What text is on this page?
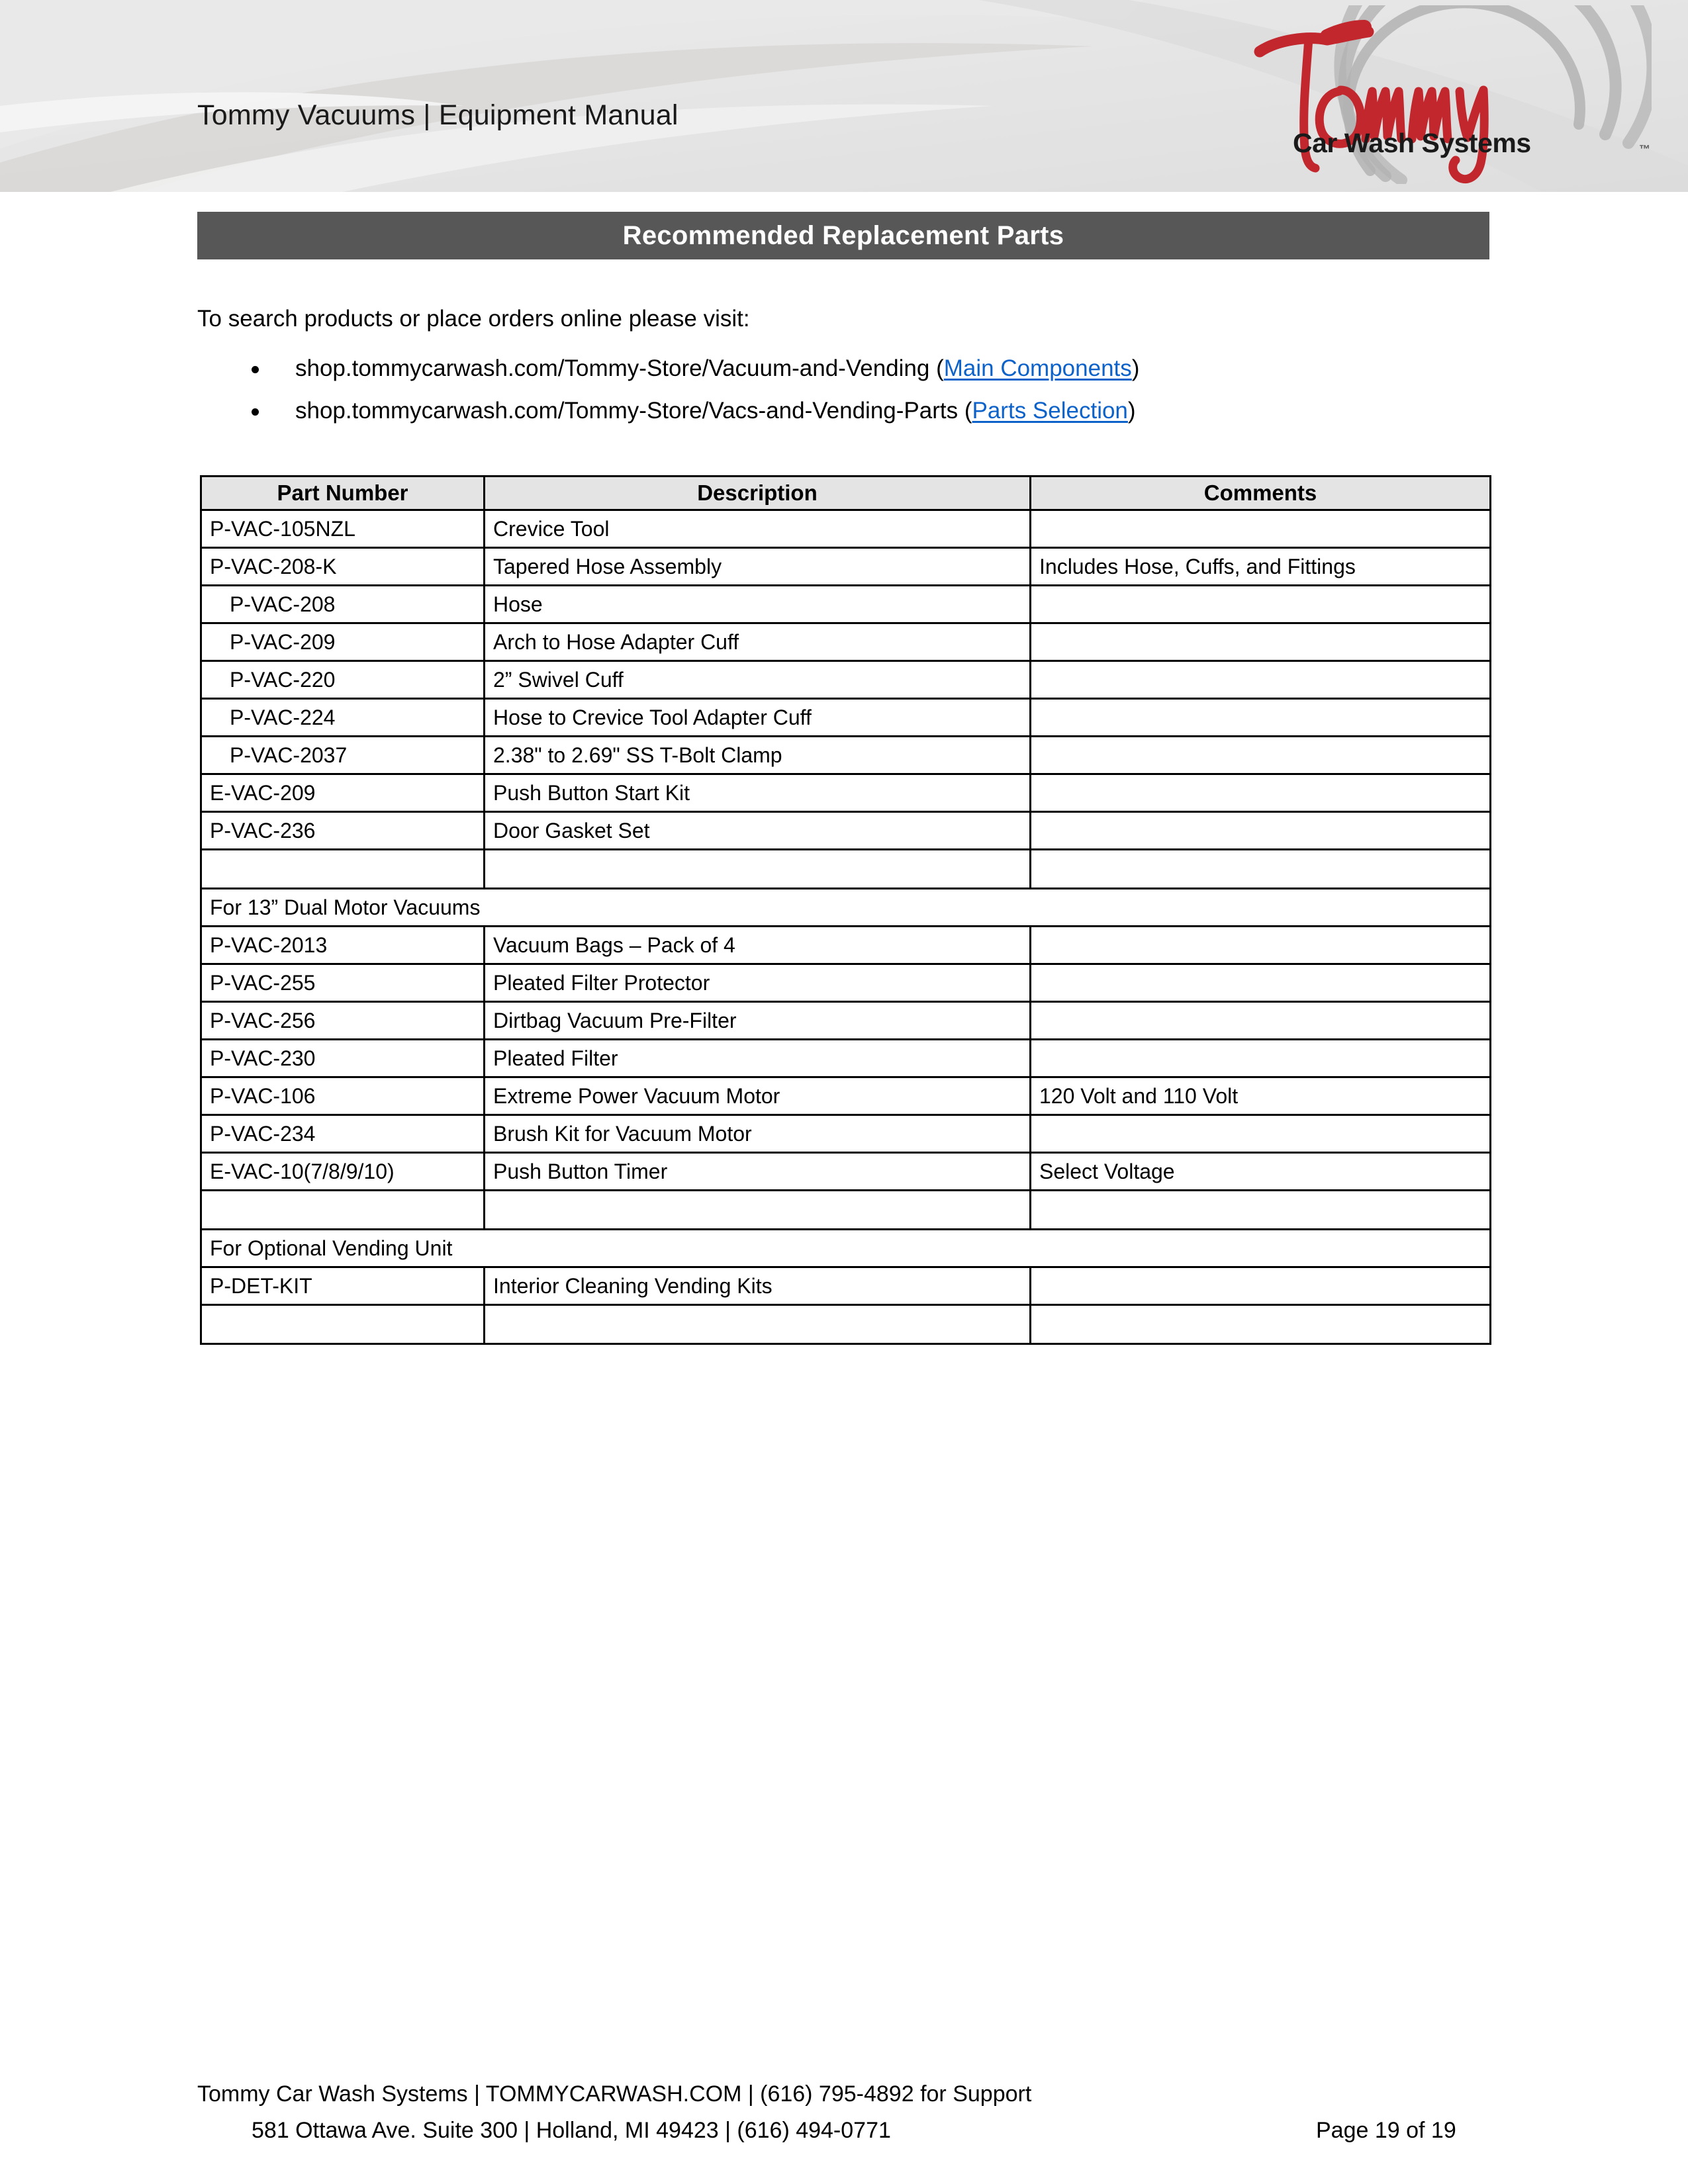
Tommy Vacuums | Equipment Manual
Car Wash Systems	™
Recommended Replacement Parts
To search products or place orders online please visit:
shop.tommycarwash.com/Tommy-Store/Vacuum-and-Vending (Main Components)
shop.tommycarwash.com/Tommy-Store/Vacs-and-Vending-Parts (Parts Selection)
Part Number	Description	Comments
P-VAC-105NZL	Crevice Tool	
P-VAC-208-K	Tapered Hose Assembly	Includes Hose, Cuffs, and Fittings
P-VAC-208	Hose	
P-VAC-209	Arch to Hose Adapter Cuff	
P-VAC-220	2” Swivel Cuff	
P-VAC-224	Hose to Crevice Tool Adapter Cuff	
P-VAC-2037	2.38" to 2.69" SS T-Bolt Clamp	
E-VAC-209	Push Button Start Kit	
P-VAC-236	Door Gasket Set	

For 13” Dual Motor Vacuums		
P-VAC-2013	Vacuum Bags – Pack of 4	
P-VAC-255	Pleated Filter Protector	
P-VAC-256	Dirtbag Vacuum Pre-Filter	
P-VAC-230	Pleated Filter	
P-VAC-106	Extreme Power Vacuum Motor	120 Volt and 110 Volt
P-VAC-234	Brush Kit for Vacuum Motor	
E-VAC-10(7/8/9/10)	Push Button Timer	Select Voltage

For Optional Vending Unit		
P-DET-KIT	Interior Cleaning Vending Kits	

Tommy Car Wash Systems | TOMMYCARWASH.COM | (616) 795-4892 for Support
581 Ottawa Ave. Suite 300 | Holland, MI 49423 | (616) 494-0771	Page 19 of 19
